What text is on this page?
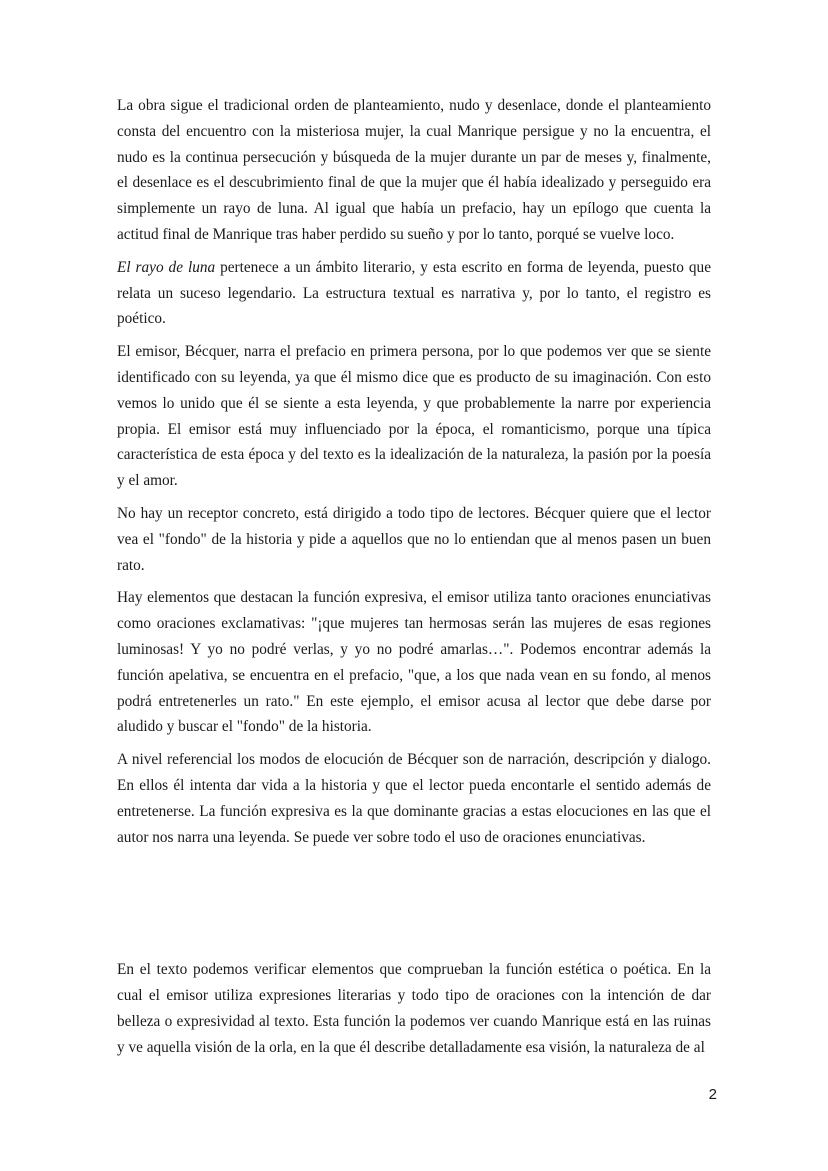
La obra sigue el tradicional orden de planteamiento, nudo y desenlace, donde el planteamiento consta del encuentro con la misteriosa mujer, la cual Manrique persigue y no la encuentra, el nudo es la continua persecución y búsqueda de la mujer durante un par de meses y, finalmente, el desenlace es el descubrimiento final de que la mujer que él había idealizado y perseguido era simplemente un rayo de luna. Al igual que había un prefacio, hay un epílogo que cuenta la actitud final de Manrique tras haber perdido su sueño y por lo tanto, porqué se vuelve loco.

El rayo de luna pertenece a un ámbito literario, y esta escrito en forma de leyenda, puesto que relata un suceso legendario. La estructura textual es narrativa y, por lo tanto, el registro es poético.

El emisor, Bécquer, narra el prefacio en primera persona, por lo que podemos ver que se siente identificado con su leyenda, ya que él mismo dice que es producto de su imaginación. Con esto vemos lo unido que él se siente a esta leyenda, y que probablemente la narre por experiencia propia. El emisor está muy influenciado por la época, el romanticismo, porque una típica característica de esta época y del texto es la idealización de la naturaleza, la pasión por la poesía y el amor.

No hay un receptor concreto, está dirigido a todo tipo de lectores. Bécquer quiere que el lector vea el "fondo" de la historia y pide a aquellos que no lo entiendan que al menos pasen un buen rato.

Hay elementos que destacan la función expresiva, el emisor utiliza tanto oraciones enunciativas como oraciones exclamativas: "¡que mujeres tan hermosas serán las mujeres de esas regiones luminosas! Y yo no podré verlas, y yo no podré amarlas…". Podemos encontrar además la función apelativa, se encuentra en el prefacio, "que, a los que nada vean en su fondo, al menos podrá entretenerles un rato." En este ejemplo, el emisor acusa al lector que debe darse por aludido y buscar el "fondo" de la historia.

A nivel referencial los modos de elocución de Bécquer son de narración, descripción y dialogo. En ellos él intenta dar vida a la historia y que el lector pueda encontarle el sentido además de entretenerse. La función expresiva es la que dominante gracias a estas elocuciones en las que el autor nos narra una leyenda. Se puede ver sobre todo el uso de oraciones enunciativas.

En el texto podemos verificar elementos que comprueban la función estética o poética. En la cual el emisor utiliza expresiones literarias y todo tipo de oraciones con la intención de dar belleza o expresividad al texto. Esta función la podemos ver cuando Manrique está en las ruinas y ve aquella visión de la orla, en la que él describe detalladamente esa visión, la naturaleza de al

2
